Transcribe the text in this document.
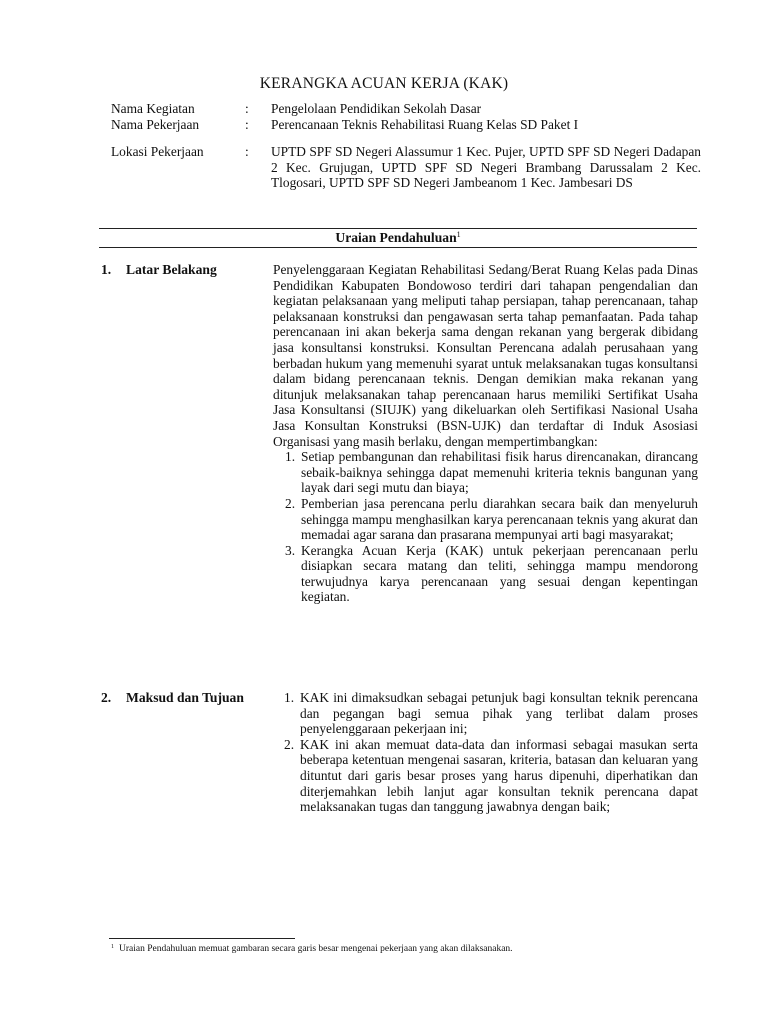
KERANGKA ACUAN KERJA (KAK)
Nama Kegiatan	:	Pengelolaan Pendidikan Sekolah Dasar
Nama Pekerjaan	:	Perencanaan Teknis Rehabilitasi Ruang Kelas SD Paket I
Lokasi Pekerjaan	:	UPTD SPF SD Negeri Alassumur 1 Kec. Pujer, UPTD SPF SD Negeri Dadapan 2 Kec. Grujugan, UPTD SPF SD Negeri Brambang Darussalam 2 Kec. Tlogosari, UPTD SPF SD Negeri Jambeanom 1 Kec. Jambesari DS
Uraian Pendahuluan$^1$
1. Latar Belakang	Penyelenggaraan Kegiatan Rehabilitasi Sedang/Berat Ruang Kelas pada Dinas Pendidikan Kabupaten Bondowoso terdiri dari tahapan pengendalian dan kegiatan pelaksanaan yang meliputi tahap persiapan, tahap perencanaan, tahap pelaksanaan konstruksi dan pengawasan serta tahap pemanfaatan. Pada tahap perencanaan ini akan bekerja sama dengan rekanan yang bergerak dibidang jasa konsultansi konstruksi. Konsultan Perencana adalah perusahaan yang berbadan hukum yang memenuhi syarat untuk melaksanakan tugas konsultansi dalam bidang perencanaan teknis. Dengan demikian maka rekanan yang ditunjuk melaksanakan tahap perencanaan harus memiliki Sertifikat Usaha Jasa Konsultansi (SIUJK) yang dikeluarkan oleh Sertifikasi Nasional Usaha Jasa Konsultan Konstruksi (BSN-UJK) dan terdaftar di Induk Asosiasi Organisasi yang masih berlaku, dengan mempertimbangkan:

1. Setiap pembangunan dan rehabilitasi fisik harus direncanakan, dirancang sebaik-baiknya sehingga dapat memenuhi kriteria teknis bangunan yang layak dari segi mutu dan biaya;
2. Pemberian jasa perencana perlu diarahkan secara baik dan menyeluruh sehingga mampu menghasilkan karya perencanaan teknis yang akurat dan memadai agar sarana dan prasarana mempunyai arti bagi masyarakat;
3. Kerangka Acuan Kerja (KAK) untuk pekerjaan perencanaan perlu disiapkan secara matang dan teliti, sehingga mampu mendorong terwujudnya karya perencanaan yang sesuai dengan kepentingan kegiatan.
2. Maksud dan Tujuan	1. KAK ini dimaksudkan sebagai petunjuk bagi konsultan teknik perencana dan pegangan bagi semua pihak yang terlibat dalam proses penyelenggaraan pekerjaan ini;
2. KAK ini akan memuat data-data dan informasi sebagai masukan serta beberapa ketentuan mengenai sasaran, kriteria, batasan dan keluaran yang dituntut dari garis besar proses yang harus dipenuhi, diperhatikan dan diterjemahkan lebih lanjut agar konsultan teknik perencana dapat melaksanakan tugas dan tanggung jawabnya dengan baik;
$^1$ Uraian Pendahuluan memuat gambaran secara garis besar mengenai pekerjaan yang akan dilaksanakan.
